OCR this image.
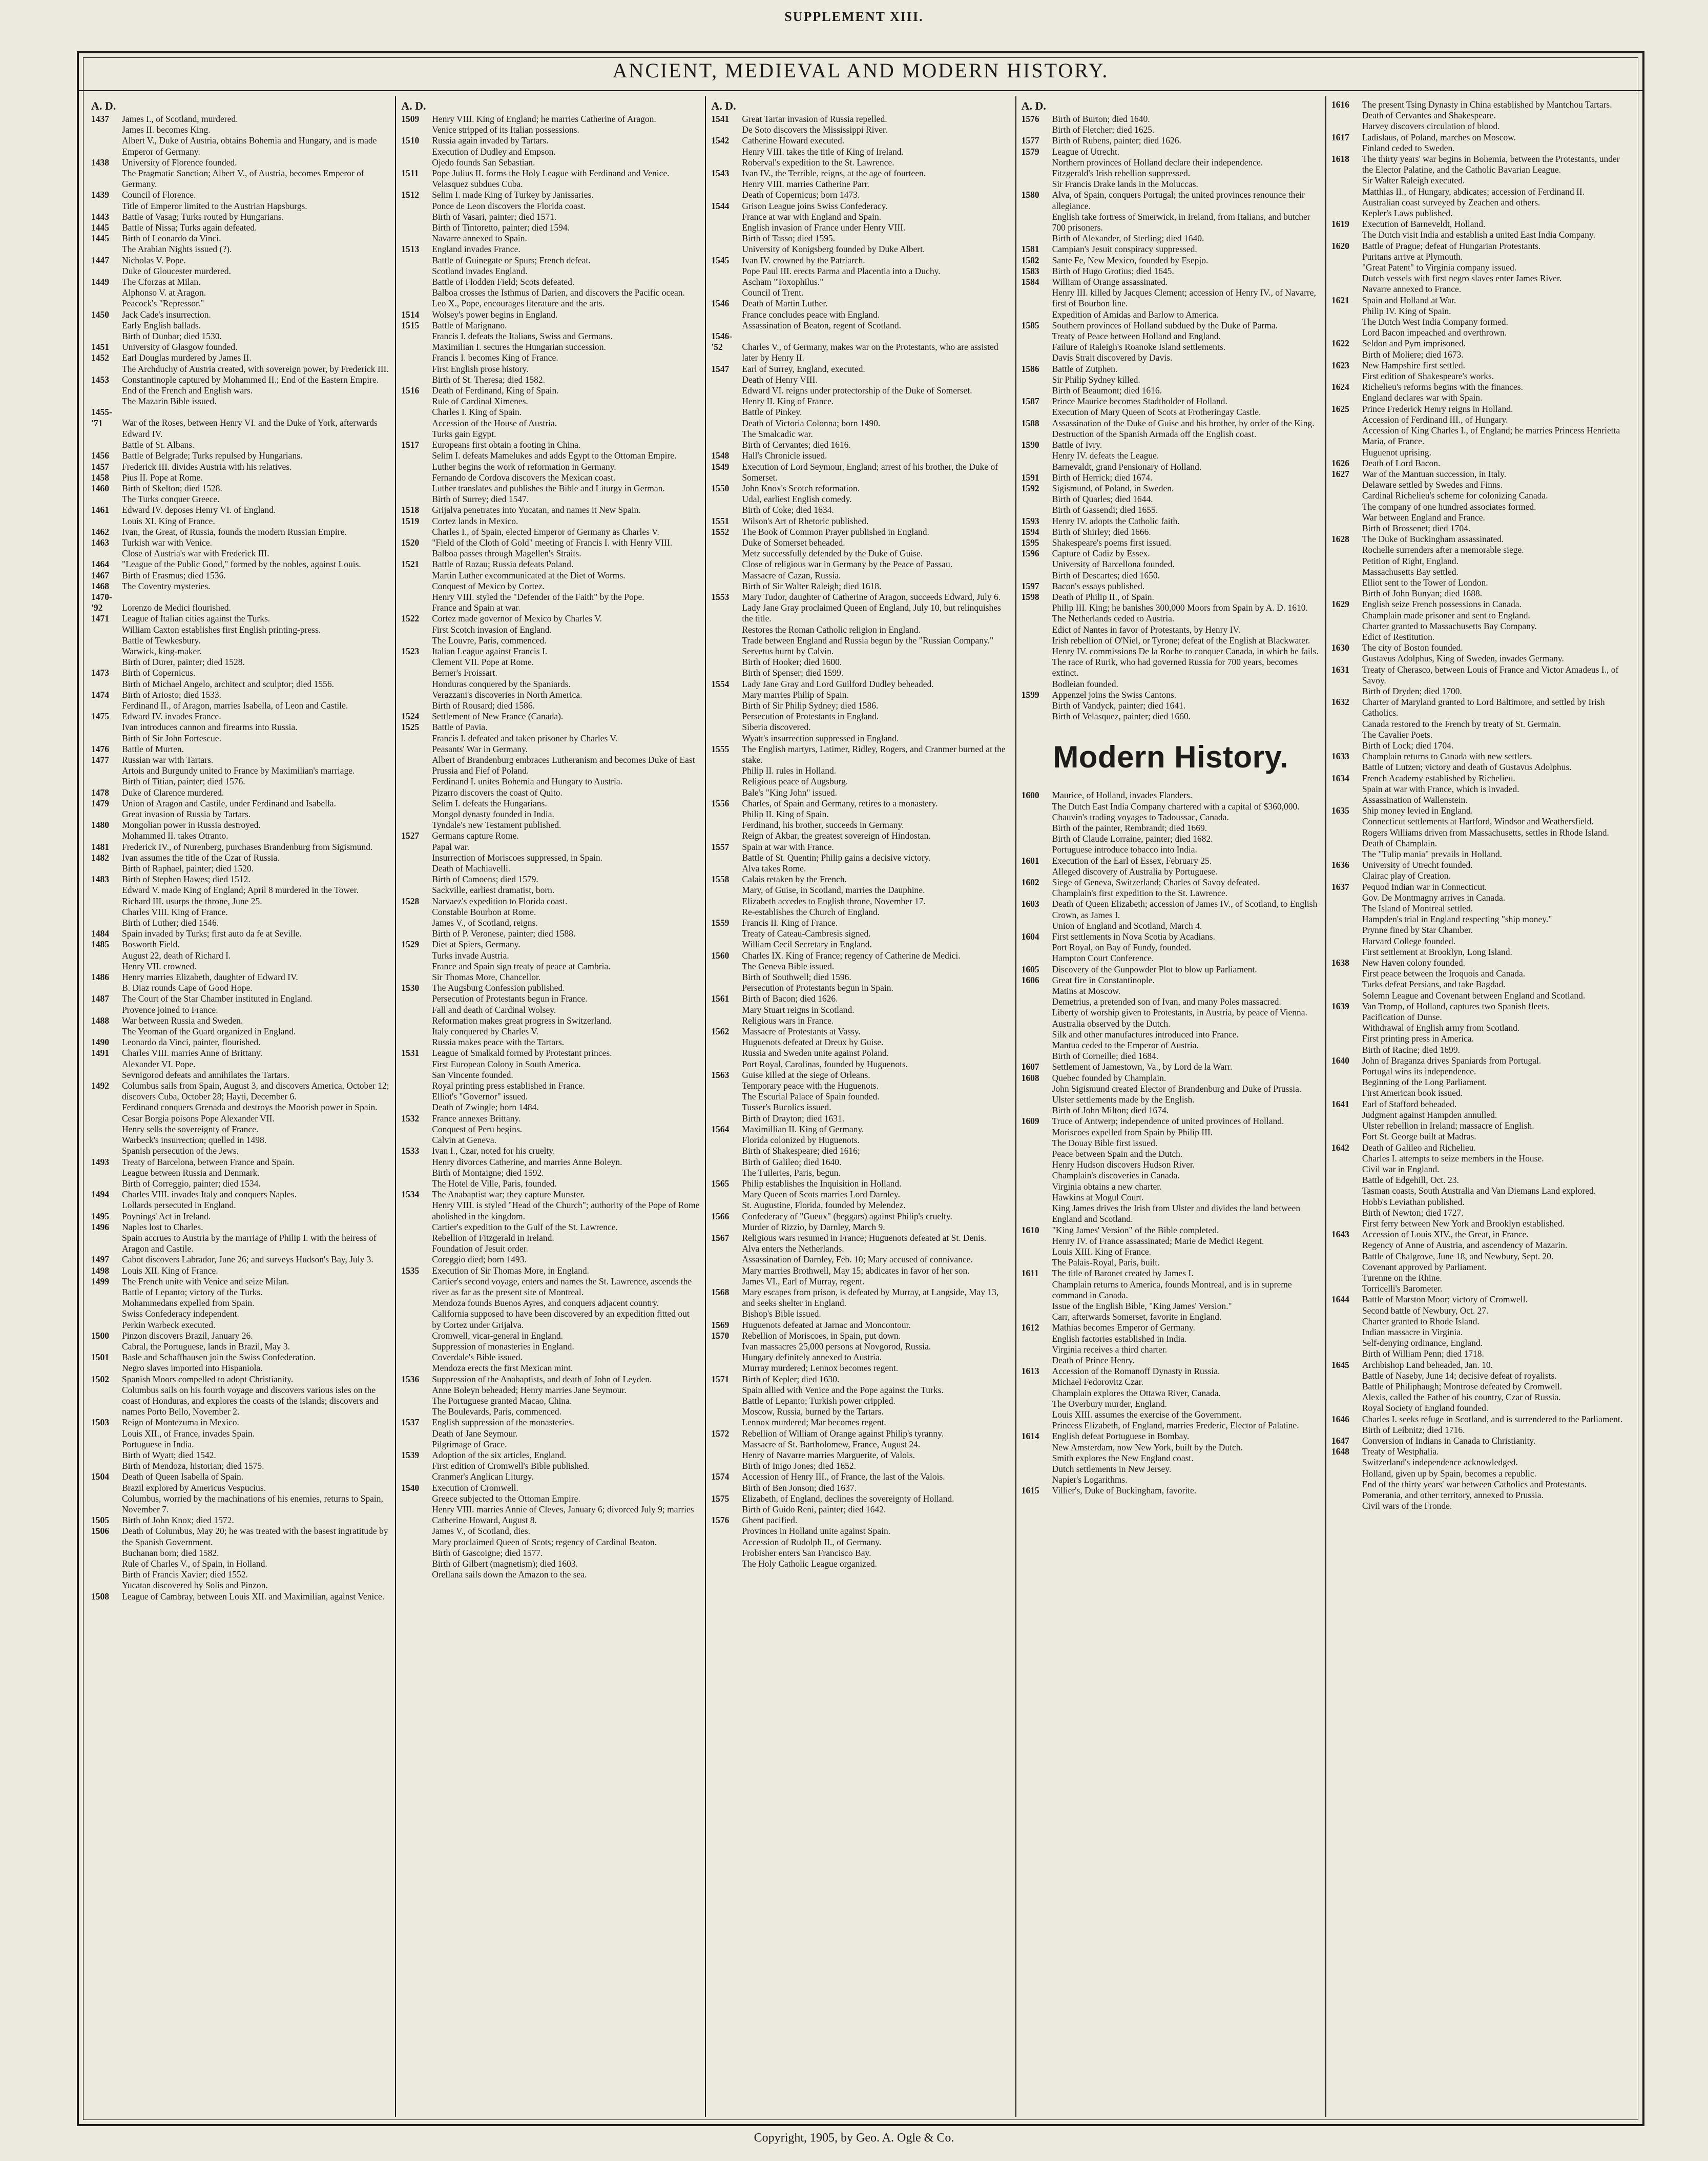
SUPPLEMENT XIII.
ANCIENT, MEDIEVAL AND MODERN HISTORY.
A. D.
1437 James I., of Scotland, murdered.
James II. becomes King.
Albert V., Duke of Austria, obtains Bohemia and Hungary, and is made Emperor of Germany.
1438 University of Florence founded.
The Pragmatic Sanction; Albert V., of Austria, becomes Emperor of Germany.
1439 Council of Florence.
Title of Emperor limited to the Austrian Hapsburgs.
1443 Battle of Vasag; Turks routed by Hungarians.
1445 Battle of Nissa; Turks again defeated.
1445 Birth of Leonardo da Vinci.
The Arabian Nights issued (?).
1447 Nicholas V. Pope.
Duke of Gloucester murdered.
1449 The Cforzas at Milan.
Alphonso V. at Aragon.
Peacock's "Repressor."
1450 Jack Cade's insurrection.
Early English ballads.
Birth of Dunbar; died 1530.
1451 University of Glasgow founded.
1452 Earl Douglas murdered by James II.
The Archduchy of Austria created, with sovereign power, by Frederick III.
1453 Constantinople captured by Mohammed II.; End of the Eastern Empire.
End of the French and English wars.
The Mazarin Bible issued.
1455-'71 War of the Roses, between Henry VI. and the Duke of York, afterwards Edward IV.
Battle of St. Albans.
1456 Battle of Belgrade; Turks repulsed by Hungarians.
1457 Frederick III. divides Austria with his relatives.
1458 Pius II. Pope at Rome.
1460 Birth of Skelton; died 1528.
The Turks conquer Greece.
1461 Edward IV. deposes Henry VI. of England.
Louis XI. King of France.
1462 Ivan, the Great, of Russia, founds the modern Russian Empire.
1463 Turkish war with Venice.
Close of Austria's war with Frederick III.
1464 "League of the Public Good," formed by the nobles, against Louis.
1467 Birth of Erasmus; died 1536.
1468 The Coventry mysteries.
1470-'92 Lorenzo de Medici flourished.
1471 League of Italian cities against the Turks.
William Caxton establishes first English printing-press.
Battle of Tewkesbury.
Warwick, king-maker.
Birth of Durer, painter; died 1528.
1473 Birth of Copernicus.
Birth of Michael Angelo, architect and sculptor; died 1556.
1474 Birth of Ariosto; died 1533.
Ferdinand II., of Aragon, marries Isabella, of Leon and Castile.
1475 Edward IV. invades France.
Ivan introduces cannon and firearms into Russia.
Birth of Sir John Fortescue.
1476 Battle of Murten.
1477 Russian war with Tartars.
Artois and Burgundy united to France by Maximilian's marriage.
Birth of Titian, painter; died 1576.
1478 Duke of Clarence murdered.
1479 Union of Aragon and Castile, under Ferdinand and Isabella.
Great invasion of Russia by Tartars.
1480 Mongolian power in Russia destroyed.
Mohammed II. takes Otranto.
1481 Frederick IV., of Nurenberg, purchases Brandenburg from Sigismund.
1482 Ivan assumes the title of the Czar of Russia.
Birth of Raphael, painter; died 1520.
1483 Birth of Stephen Hawes; died 1512.
Edward V. made King of England; April 8 murdered in the Tower.
Richard III. usurps the throne, June 25.
Charles VIII. King of France.
Birth of Luther; died 1546.
1484 Spain invaded by Turks; first auto da fe at Seville.
1485 Bosworth Field.
August 22, death of Richard I.
Henry VII. crowned.
1486 Henry marries Elizabeth, daughter of Edward IV.
B. Diaz rounds Cape of Good Hope.
1487 The Court of the Star Chamber instituted in England.
Provence joined to France.
1488 War between Russia and Sweden.
The Yeoman of the Guard organized in England.
1490 Leonardo da Vinci, painter, flourished.
1491 Charles VIII. marries Anne of Brittany.
Alexander VI. Pope.
Sevnigorod defeats and annihilates the Tartars.
1492 Columbus sails from Spain, August 3, and discovers America, October 12; discovers Cuba, October 28; Hayti, December 6.
Ferdinand conquers Grenada and destroys the Moorish power in Spain.
Cesar Borgia poisons Pope Alexander VII.
Henry sells the sovereignty of France.
Warbeck's insurrection; quelled in 1498.
Spanish persecution of the Jews.
1493 Treaty of Barcelona, between France and Spain.
League between Russia and Denmark.
Birth of Correggio, painter; died 1534.
1494 Charles VIII. invades Italy and conquers Naples.
Lollards persecuted in England.
1495 Poynings' Act in Ireland.
1496 Naples lost to Charles.
Spain accrues to Austria by the marriage of Philip I. with the heiress of Aragon and Castile.
1497 Cabot discovers Labrador, June 26; and surveys Hudson's Bay, July 3.
1498 Louis XII. King of France.
1499 The French unite with Venice and seize Milan.
Battle of Lepanto; victory of the Turks.
Mohammedans expelled from Spain.
Swiss Confederacy independent.
Perkin Warbeck executed.
1500 Pinzon discovers Brazil, January 26.
Cabral, the Portuguese, lands in Brazil, May 3.
1501 Basle and Schaffhausen join the Swiss Confederation.
Negro slaves imported into Hispaniola.
1502 Spanish Moors compelled to adopt Christianity.
Columbus sails on his fourth voyage and discovers various isles on the coast of Honduras, and explores the coasts of the islands; discovers and names Porto Bello, November 2.
1503 Reign of Montezuma in Mexico.
Louis XII., of France, invades Spain.
Portuguese in India.
Birth of Wyatt; died 1542.
Birth of Mendoza, historian; died 1575.
1504 Death of Queen Isabella of Spain.
Brazil explored by Americus Vespucius.
Columbus, worried by the machinations of his enemies, returns to Spain, November 7.
1505 Birth of John Knox; died 1572.
1506 Death of Columbus, May 20; he was treated with the basest ingratitude by the Spanish Government.
Buchanan born; died 1582.
Rule of Charles V., of Spain, in Holland.
Birth of Francis Xavier; died 1552.
Yucatan discovered by Solis and Pinzon.
1508 League of Cambray, between Louis XII. and Maximilian, against Venice.
A. D.
1509 Henry VIII. King of England; he marries Catherine of Aragon.
Venice stripped of its Italian possessions.
1510 Russia again invaded by Tartars.
Execution of Dudley and Empson.
Ojedo founds San Sebastian.
1511 Pope Julius II. forms the Holy League with Ferdinand and Venice.
Velasquez subdues Cuba.
1512 Selim I. made King of Turkey by Janissaries.
Ponce de Leon discovers the Florida coast.
Birth of Vasari, painter; died 1571.
Birth of Tintoretto, painter; died 1594.
Navarre annexed to Spain.
1513 England invades France.
Battle of Guinegate or Spurs; French defeat.
Scotland invades England.
Battle of Flodden Field; Scots defeated.
Balboa crosses the Isthmus of Darien, and discovers the Pacific ocean.
Leo X., Pope, encourages literature and the arts.
1514 Wolsey's power begins in England.
1515 Battle of Marignano.
Francis I. defeats the Italians, Swiss and Germans.
Maximilian I. secures the Hungarian succession.
Francis I. becomes King of France.
First English prose history.
Birth of St. Theresa; died 1582.
1516 Death of Ferdinand, King of Spain.
Rule of Cardinal Ximenes.
Charles I. King of Spain.
Accession of the House of Austria.
Turks gain Egypt.
1517 Europeans first obtain a footing in China.
Selim I. defeats Mamelukes and adds Egypt to the Ottoman Empire.
Luther begins the work of reformation in Germany.
Fernando de Cordova discovers the Mexican coast.
Luther translates and publishes the Bible and Liturgy in German.
Birth of Surrey; died 1547.
1518 Grijalva penetrates into Yucatan, and names it New Spain.
1519 Cortez lands in Mexico.
Charles I., of Spain, elected Emperor of Germany as Charles V.
1520 "Field of the Cloth of Gold" meeting of Francis I. with Henry VIII.
Balboa passes through Magellen's Straits.
1521 Battle of Razau; Russia defeats Poland.
Martin Luther excommunicated at the Diet of Worms.
Conquest of Mexico by Cortez.
Henry VIII. styled the "Defender of the Faith" by the Pope.
France and Spain at war.
1522 Cortez made governor of Mexico by Charles V.
First Scotch invasion of England.
The Louvre, Paris, commenced.
1523 Italian League against Francis I.
Clement VII. Pope at Rome.
Berner's Froissart.
Honduras conquered by the Spaniards.
Verazzani's discoveries in North America.
Birth of Rousard; died 1586.
1524 Settlement of New France (Canada).
1525 Battle of Pavia.
Francis I. defeated and taken prisoner by Charles V.
Peasants' War in Germany.
Albert of Brandenburg embraces Lutheranism and becomes Duke of East Prussia and Fief of Poland.
Ferdinand I. unites Bohemia and Hungary to Austria.
Pizarro discovers the coast of Quito.
Selim I. defeats the Hungarians.
Mongol dynasty founded in India.
Tyndale's new Testament published.
1527 Germans capture Rome.
Papal war.
Insurrection of Moriscoes suppressed, in Spain.
Death of Machiavelli.
Birth of Camoens; died 1579.
Sackville, earliest dramatist, born.
1528 Narvaez's expedition to Florida coast.
Constable Bourbon at Rome.
James V., of Scotland, reigns.
Birth of P. Veronese, painter; died 1588.
1529 Diet at Spiers, Germany.
Turks invade Austria.
France and Spain sign treaty of peace at Cambria.
Sir Thomas More, Chancellor.
1530 The Augsburg Confession published.
Persecution of Protestants begun in France.
Fall and death of Cardinal Wolsey.
Reformation makes great progress in Switzerland.
Italy conquered by Charles V.
Russia makes peace with the Tartars.
1531 League of Smalkald formed by Protestant princes.
First European Colony in South America.
San Vincente founded.
Royal printing press established in France.
Elliot's "Governor" issued.
Death of Zwingle; born 1484.
1532 France annexes Brittany.
Conquest of Peru begins.
Calvin at Geneva.
1533 Ivan I., Czar, noted for his cruelty.
Henry divorces Catherine, and marries Anne Boleyn.
Birth of Montaigne; died 1592.
The Hotel de Ville, Paris, founded.
1534 The Anabaptist war; they capture Munster.
Henry VIII. is styled "Head of the Church"; authority of the Pope of Rome abolished in the kingdom.
Cartier's expedition to the Gulf of the St. Lawrence.
Rebellion of Fitzgerald in Ireland.
Foundation of Jesuit order.
Coreggio died; born 1493.
1535 Execution of Sir Thomas More, in England.
Cartier's second voyage, enters and names the St. Lawrence, ascends the river as far as the present site of Montreal.
Mendoza founds Buenos Ayres, and conquers adjacent country.
California supposed to have been discovered by an expedition fitted out by Cortez under Grijalva.
Cromwell, vicar-general in England.
Suppression of monasteries in England.
Coverdale's Bible issued.
Mendoza erects the first Mexican mint.
1536 Suppression of the Anabaptists, and death of John of Leyden.
Anne Boleyn beheaded; Henry marries Jane Seymour.
The Portuguese granted Macao, China.
The Boulevards, Paris, commenced.
1537 English suppression of the monasteries.
Death of Jane Seymour.
Pilgrimage of Grace.
1539 Adoption of the six articles, England.
First edition of Cromwell's Bible published.
Cranmer's Anglican Liturgy.
1540 Execution of Cromwell.
Greece subjected to the Ottoman Empire.
Henry VIII. marries Annie of Cleves, January 6; divorced July 9; marries Catherine Howard, August 8.
James V., of Scotland, dies.
Mary proclaimed Queen of Scots; regency of Cardinal Beaton.
Birth of Gascoigne; died 1577.
Birth of Gilbert (magnetism); died 1603.
Orellana sails down the Amazon to the sea.
A. D.
1541 Great Tartar invasion of Russia repelled.
De Soto discovers the Mississippi River.
1542 Catherine Howard executed.
Henry VIII. takes the title of King of Ireland.
Roberval's expedition to the St. Lawrence.
1543 Ivan IV., the Terrible, reigns, at the age of fourteen.
Henry VIII. marries Catherine Parr.
Death of Copernicus; born 1473.
1544 Grison League joins Swiss Confederacy.
France at war with England and Spain.
English invasion of France under Henry VIII.
Birth of Tasso; died 1595.
University of Konigsberg founded by Duke Albert.
1545 Ivan IV. crowned by the Patriarch.
Pope Paul III. erects Parma and Placentia into a Duchy.
Ascham "Toxophilus."
Council of Trent.
1546 Death of Martin Luther.
France concludes peace with England.
Assassination of Beaton, regent of Scotland.
1546-'52 Charles V., of Germany, makes war on the Protestants, who are assisted later by Henry II.
1547 Earl of Surrey, England, executed.
Death of Henry VIII.
Edward VI. reigns under protectorship of the Duke of Somerset.
Henry II. King of France.
Battle of Pinkey.
Death of Victoria Colonna; born 1490.
The Smalcadic war.
Birth of Cervantes; died 1616.
1548 Hall's Chronicle issued.
1549 Execution of Lord Seymour, England; arrest of his brother, the Duke of Somerset.
1550 John Knox's Scotch reformation.
Udal, earliest English comedy.
Birth of Coke; died 1634.
1551 Wilson's Art of Rhetoric published.
1552 The Book of Common Prayer published in England.
Duke of Somerset beheaded.
Metz successfully defended by the Duke of Guise.
Close of religious war in Germany by the Peace of Passau.
Massacre of Cazan, Russia.
Birth of Sir Walter Raleigh; died 1618.
1553 Mary Tudor, daughter of Catherine of Aragon, succeeds Edward, July 6.
Lady Jane Gray proclaimed Queen of England, July 10, but relinquishes the title.
Restores the Roman Catholic religion in England.
Trade between England and Russia begun by the "Russian Company."
Servetus burnt by Calvin.
Birth of Hooker; died 1600.
Birth of Spenser; died 1599.
1554 Lady Jane Gray and Lord Guilford Dudley beheaded.
Mary marries Philip of Spain.
Birth of Sir Philip Sydney; died 1586.
Persecution of Protestants in England.
Siberia discovered.
Wyatt's insurrection suppressed in England.
1555 The English martyrs, Latimer, Ridley, Rogers, and Cranmer burned at the stake.
Philip II. rules in Holland.
Religious peace of Augsburg.
Bale's "King John" issued.
1556 Charles, of Spain and Germany, retires to a monastery.
Philip II. King of Spain.
Ferdinand, his brother, succeeds in Germany.
Reign of Akbar, the greatest sovereign of Hindostan.
1557 Spain at war with France.
Battle of St. Quentin; Philip gains a decisive victory.
Alva takes Rome.
1558 Calais retaken by the French.
Mary, of Guise, in Scotland, marries the Dauphine.
Elizabeth accedes to English throne, November 17.
Re-establishes the Church of England.
1559 Francis II. King of France.
Treaty of Cateau-Cambresis signed.
William Cecil Secretary in England.
1560 Charles IX. King of France; regency of Catherine de Medici.
The Geneva Bible issued.
Birth of Southwell; died 1596.
Persecution of Protestants begun in Spain.
1561 Birth of Bacon; died 1626.
Mary Stuart reigns in Scotland.
Religious wars in France.
1562 Massacre of Protestants at Vassy.
Huguenots defeated at Dreux by Guise.
Russia and Sweden unite against Poland.
Port Royal, Carolinas, founded by Huguenots.
1563 Guise killed at the siege of Orleans.
Temporary peace with the Huguenots.
The Escurial Palace of Spain founded.
Tusser's Bucolics issued.
Birth of Drayton; died 1631.
1564 Maximillian II. King of Germany.
Florida colonized by Huguenots.
Birth of Shakespeare; died 1616;
Birth of Galileo; died 1640.
The Tuileries, Paris, begun.
1565 Philip establishes the Inquisition in Holland.
Mary Queen of Scots marries Lord Darnley.
St. Augustine, Florida, founded by Melendez.
1566 Confederacy of "Gueux" (beggars) against Philip's cruelty.
Murder of Rizzio, by Darnley, March 9.
1567 Religious wars resumed in France; Huguenots defeated at St. Denis.
Alva enters the Netherlands.
Assassination of Darnley, Feb. 10; Mary accused of connivance.
Mary marries Brothwell, May 15; abdicates in favor of her son.
James VI., Earl of Murray, regent.
1568 Mary escapes from prison, is defeated by Murray, at Langside, May 13, and seeks shelter in England.
Bishop's Bible issued.
1569 Huguenots defeated at Jarnac and Moncontour.
1570 Rebellion of Moriscoes, in Spain, put down.
Ivan massacres 25,000 persons at Novgorod, Russia.
Hungary definitely annexed to Austria.
Murray murdered; Lennox becomes regent.
1571 Birth of Kepler; died 1630.
Spain allied with Venice and the Pope against the Turks.
Battle of Lepanto; Turkish power crippled.
Moscow, Russia, burned by the Tartars.
Lennox murdered; Mar becomes regent.
1572 Rebellion of William of Orange against Philip's tyranny.
Massacre of St. Bartholomew, France, August 24.
Henry of Navarre marries Marguerite, of Valois.
Birth of Inigo Jones; died 1652.
1574 Accession of Henry III., of France, the last of the Valois.
Birth of Ben Jonson; died 1637.
1575 Elizabeth, of England, declines the sovereignty of Holland.
Birth of Guido Reni, painter; died 1642.
1576 Ghent pacified.
Provinces in Holland unite against Spain.
Accession of Rudolph II., of Germany.
Frobisher enters San Francisco Bay.
The Holy Catholic League organized.
A. D.
1576 Birth of Burton; died 1640.
Birth of Fletcher; died 1625.
1577 Birth of Rubens, painter; died 1626.
1579 League of Utrecht.
Northern provinces of Holland declare their independence.
Fitzgerald's Irish rebellion suppressed.
Sir Francis Drake lands in the Moluccas.
1580 Alva, of Spain, conquers Portugal; the united provinces renounce their allegiance.
English take fortress of Smerwick, in Ireland, from Italians, and butcher 700 prisoners.
Birth of Alexander, of Sterling; died 1640.
1581 Campian's Jesuit conspiracy suppressed.
1582 Sante Fe, New Mexico, founded by Esepjo.
1583 Birth of Hugo Grotius; died 1645.
1584 William of Orange assassinated.
Henry III. killed by Jacques Clement; accession of Henry IV., of Navarre, first of Bourbon line.
Expedition of Amidas and Barlow to America.
1585 Southern provinces of Holland subdued by the Duke of Parma.
Treaty of Peace between Holland and England.
Failure of Raleigh's Roanoke Island settlements.
Davis Strait discovered by Davis.
1586 Battle of Zutphen.
Sir Philip Sydney killed.
Birth of Beaumont; died 1616.
1587 Prince Maurice becomes Stadtholder of Holland.
Execution of Mary Queen of Scots at Frotheringay Castle.
1588 Assassination of the Duke of Guise and his brother, by order of the King.
Destruction of the Spanish Armada off the English coast.
1590 Battle of Ivry.
Henry IV. defeats the League.
Barnevaldt, grand Pensionary of Holland.
1591 Birth of Herrick; died 1674.
1592 Sigismund, of Poland, in Sweden.
Birth of Quarles; died 1644.
Birth of Gassendi; died 1655.
1593 Henry IV. adopts the Catholic faith.
1594 Birth of Shirley; died 1666.
1595 Shakespeare's poems first issued.
1596 Capture of Cadiz by Essex.
University of Barcellona founded.
Birth of Descartes; died 1650.
1597 Bacon's essays published.
1598 Death of Philip II., of Spain.
Philip III. King; he banishes 300,000 Moors from Spain by A. D. 1610.
The Netherlands ceded to Austria.
Edict of Nantes in favor of Protestants, by Henry IV.
Irish rebellion of O'Niel, or Tyrone; defeat of the English at Blackwater.
Henry IV. commissions De la Roche to conquer Canada, in which he fails.
The race of Rurik, who had governed Russia for 700 years, becomes extinct.
Bodleian founded.
1599 Appenzel joins the Swiss Cantons.
Birth of Vandyck, painter; died 1641.
Birth of Velasquez, painter; died 1660.
Modern History.
1600 Maurice, of Holland, invades Flanders.
The Dutch East India Company chartered with a capital of $360,000.
Chauvin's trading voyages to Tadoussac, Canada.
Birth of the painter, Rembrandt; died 1669.
Birth of Claude Lorraine, painter; died 1682.
Portuguese introduce tobacco into India.
1601 Execution of the Earl of Essex, February 25.
Alleged discovery of Australia by Portuguese.
1602 Siege of Geneva, Switzerland; Charles of Savoy defeated.
Champlain's first expedition to the St. Lawrence.
1603 Death of Queen Elizabeth; accession of James IV., of Scotland, to English Crown, as James I.
Union of England and Scotland, March 4.
1604 First settlements in Nova Scotia by Acadians.
Port Royal, on Bay of Fundy, founded.
Hampton Court Conference.
1605 Discovery of the Gunpowder Plot to blow up Parliament.
1606 Great fire in Constantinople.
Matins at Moscow.
Demetrius, a pretended son of Ivan, and many Poles massacred.
Liberty of worship given to Protestants, in Austria, by peace of Vienna.
Australia observed by the Dutch.
Silk and other manufactures introduced into France.
Mantua ceded to the Emperor of Austria.
Birth of Corneille; died 1684.
1607 Settlement of Jamestown, Va., by Lord de la Warr.
1608 Quebec founded by Champlain.
John Sigismund created Elector of Brandenburg and Duke of Prussia.
Ulster settlements made by the English.
Birth of John Milton; died 1674.
1609 Truce of Antwerp; independence of united provinces of Holland.
Moriscoes expelled from Spain by Philip III.
The Douay Bible first issued.
Peace between Spain and the Dutch.
Henry Hudson discovers Hudson River.
Champlain's discoveries in Canada.
Virginia obtains a new charter.
Hawkins at Mogul Court.
King James drives the Irish from Ulster and divides the land between England and Scotland.
1610 "King James' Version" of the Bible completed.
Henry IV. of France assassinated; Marie de Medici Regent.
Louis XIII. King of France.
The Palais-Royal, Paris, built.
1611 The title of Baronet created by James I.
Champlain returns to America, founds Montreal, and is in supreme command in Canada.
Issue of the English Bible, "King James' Version."
Carr, afterwards Somerset, favorite in England.
1612 Mathias becomes Emperor of Germany.
English factories established in India.
Virginia receives a third charter.
Death of Prince Henry.
1613 Accession of the Romanoff Dynasty in Russia.
Michael Fedorovitz Czar.
Champlain explores the Ottawa River, Canada.
The Overbury murder, England.
Louis XIII. assumes the exercise of the Government.
Princess Elizabeth, of England, marries Frederic, Elector of Palatine.
1614 English defeat Portuguese in Bombay.
New Amsterdam, now New York, built by the Dutch.
Smith explores the New England coast.
Dutch settlements in New Jersey.
Napier's Logarithms.
1615 Villier's, Duke of Buckingham, favorite.
1616 The present Tsing Dynasty in China established by Mantchou Tartars.
Death of Cervantes and Shakespeare.
Harvey discovers circulation of blood.
1617 Ladislaus, of Poland, marches on Moscow.
Finland ceded to Sweden.
1618 The thirty years' war begins in Bohemia, between the Protestants, under the Elector Palatine, and the Catholic Bavarian League.
Sir Walter Raleigh executed.
Matthias II., of Hungary, abdicates; accession of Ferdinand II.
Australian coast surveyed by Zeachen and others.
Kepler's Laws published.
1619 Execution of Barneveldt, Holland.
The Dutch visit India and establish a united East India Company.
1620 Battle of Prague; defeat of Hungarian Protestants.
Puritans arrive at Plymouth.
"Great Patent" to Virginia company issued.
Dutch vessels with first negro slaves enter James River.
Navarre annexed to France.
1621 Spain and Holland at War.
Philip IV. King of Spain.
The Dutch West India Company formed.
Lord Bacon impeached and overthrown.
1622 Seldon and Pym imprisoned.
Birth of Moliere; died 1673.
1623 New Hampshire first settled.
First edition of Shakespeare's works.
1624 Richelieu's reforms begins with the finances.
England declares war with Spain.
1625 Prince Frederick Henry reigns in Holland.
Accession of Ferdinand III., of Hungary.
Accession of King Charles I., of England; he marries Princess Henrietta Maria, of France.
Huguenot uprising.
1626 Death of Lord Bacon.
1627 War of the Mantuan succession, in Italy.
Delaware settled by Swedes and Finns.
Cardinal Richelieu's scheme for colonizing Canada.
The company of one hundred associates formed.
War between England and France.
Birth of Brossenet; died 1704.
1628 The Duke of Buckingham assassinated.
Rochelle surrenders after a memorable siege.
Petition of Right, England.
Massachusetts Bay settled.
Elliot sent to the Tower of London.
Birth of John Bunyan; died 1688.
1629 English seize French possessions in Canada.
Champlain made prisoner and sent to England.
Charter granted to Massachusetts Bay Company.
Edict of Restitution.
1630 The city of Boston founded.
Gustavus Adolphus, King of Sweden, invades Germany.
1631 Treaty of Cherasco, between Louis of France and Victor Amadeus I., of Savoy.
Birth of Dryden; died 1700.
1632 Charter of Maryland granted to Lord Baltimore, and settled by Irish Catholics.
Canada restored to the French by treaty of St. Germain.
The Cavalier Poets.
Birth of Lock; died 1704.
1633 Champlain returns to Canada with new settlers.
Battle of Lutzen; victory and death of Gustavus Adolphus.
1634 French Academy established by Richelieu.
Spain at war with France, which is invaded.
Assassination of Wallenstein.
1635 Ship money levied in England.
Connecticut settlements at Hartford, Windsor and Weathersfield.
Rogers Williams driven from Massachusetts, settles in Rhode Island.
Death of Champlain.
The "Tulip mania" prevails in Holland.
1636 University of Utrecht founded.
Clairac play of Creation.
1637 Pequod Indian war in Connecticut.
Gov. De Montmagny arrives in Canada.
The Island of Montreal settled.
Hampden's trial in England respecting "ship money."
Prynne fined by Star Chamber.
Harvard College founded.
First settlement at Brooklyn, Long Island.
1638 New Haven colony founded.
First peace between the Iroquois and Canada.
Turks defeat Persians, and take Bagdad.
Solemn League and Covenant between England and Scotland.
1639 Van Tromp, of Holland, captures two Spanish fleets.
Pacification of Dunse.
Withdrawal of English army from Scotland.
First printing press in America.
Birth of Racine; died 1699.
1640 John of Braganza drives Spaniards from Portugal.
Portugal wins its independence.
Beginning of the Long Parliament.
First American book issued.
1641 Earl of Stafford beheaded.
Judgment against Hampden annulled.
Ulster rebellion in Ireland; massacre of English.
Fort St. George built at Madras.
1642 Death of Galileo and Richelieu.
Charles I. attempts to seize members in the House.
Civil war in England.
Battle of Edgehill, Oct. 23.
Tasman coasts, South Australia and Van Diemans Land explored.
Hobb's Leviathan published.
Birth of Newton; died 1727.
First ferry between New York and Brooklyn established.
1643 Accession of Louis XIV., the Great, in France.
Regency of Anne of Austria, and ascendency of Mazarin.
Battle of Chalgrove, June 18, and Newbury, Sept. 20.
Covenant approved by Parliament.
Turenne on the Rhine.
Torricelli's Barometer.
1644 Battle of Marston Moor; victory of Cromwell.
Second battle of Newbury, Oct. 27.
Charter granted to Rhode Island.
Indian massacre in Virginia.
Self-denying ordinance, England.
Birth of William Penn; died 1718.
1645 Archbishop Land beheaded, Jan. 10.
Battle of Naseby, June 14; decisive defeat of royalists.
Battle of Philiphaugh; Montrose defeated by Cromwell.
Alexis, called the Father of his country, Czar of Russia.
Royal Society of England founded.
1646 Charles I. seeks refuge in Scotland, and is surrendered to the Parliament.
Birth of Leibnitz; died 1716.
1647 Conversion of Indians in Canada to Christianity.
1648 Treaty of Westphalia.
Switzerland's independence acknowledged.
Holland, given up by Spain, becomes a republic.
End of the thirty years' war between Catholics and Protestants.
Pomerania, and other territory, annexed to Prussia.
Civil wars of the Fronde.
Copyright, 1905, by Geo. A. Ogle & Co.
